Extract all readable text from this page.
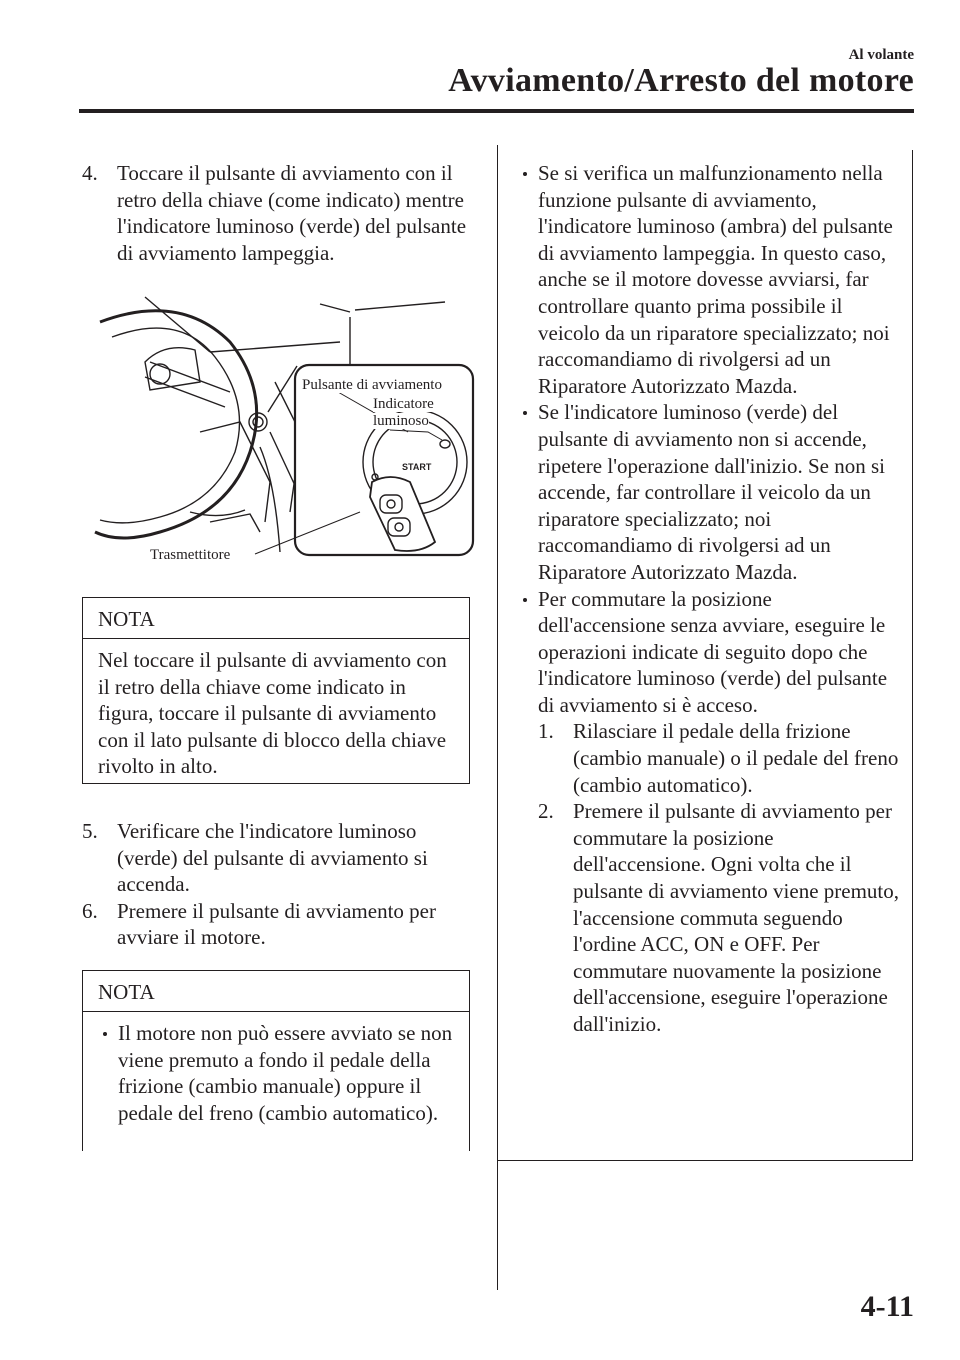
Al volante
Avviamento/Arresto del motore
4. Toccare il pulsante di avviamento con il retro della chiave (come indicato) mentre l'indicatore luminoso (verde) del pulsante di avviamento lampeggia.
START
Pulsante di avviamento
Indicatore
luminoso
Trasmettitore
NOTA
Nel toccare il pulsante di avviamento con il retro della chiave come indicato in figura, toccare il pulsante di avviamento con il lato pulsante di blocco della chiave rivolto in alto.
5. Verificare che l'indicatore luminoso (verde) del pulsante di avviamento si accenda.
6. Premere il pulsante di avviamento per avviare il motore.
NOTA
Il motore non può essere avviato se non viene premuto a fondo il pedale della frizione (cambio manuale) oppure il pedale del freno (cambio automatico).
Se si verifica un malfunzionamento nella funzione pulsante di avviamento, l'indicatore luminoso (ambra) del pulsante di avviamento lampeggia. In questo caso, anche se il motore dovesse avviarsi, far controllare quanto prima possibile il veicolo da un riparatore specializzato; noi raccomandiamo di rivolgersi ad un Riparatore Autorizzato Mazda.
Se l'indicatore luminoso (verde) del pulsante di avviamento non si accende, ripetere l'operazione dall'inizio. Se non si accende, far controllare il veicolo da un riparatore specializzato; noi raccomandiamo di rivolgersi ad un Riparatore Autorizzato Mazda.
Per commutare la posizione dell'accensione senza avviare, eseguire le operazioni indicate di seguito dopo che l'indicatore luminoso (verde) del pulsante di avviamento si è acceso.
1. Rilasciare il pedale della frizione (cambio manuale) o il pedale del freno (cambio automatico).
2. Premere il pulsante di avviamento per commutare la posizione dell'accensione. Ogni volta che il pulsante di avviamento viene premuto, l'accensione commuta seguendo l'ordine ACC, ON e OFF. Per commutare nuovamente la posizione dell'accensione, eseguire l'operazione dall'inizio.
4-11
